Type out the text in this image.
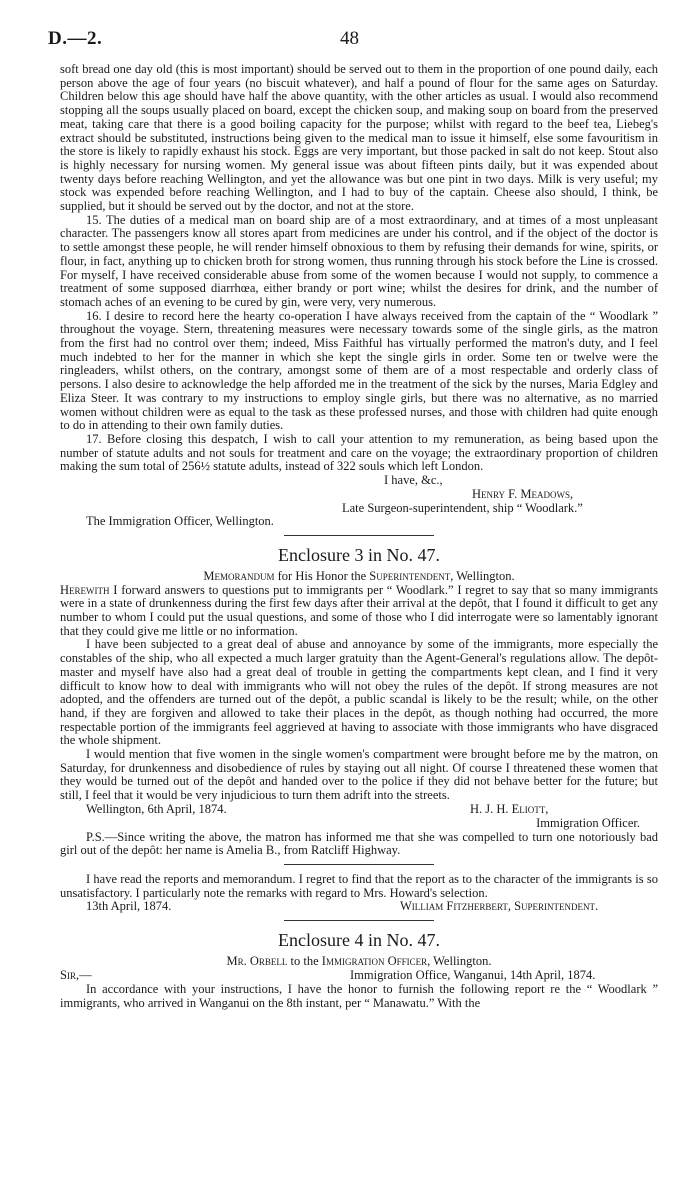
D.—2.	48

soft bread one day old (this is most important) should be served out to them in the proportion of one pound daily, each person above the age of four years (no biscuit whatever), and half a pound of flour for the same ages on Saturday. Children below this age should have half the above quantity, with the other articles as usual. I would also recommend stopping all the soups usually placed on board, except the chicken soup, and making soup on board from the preserved meat, taking care that there is a good boiling capacity for the purpose; whilst with regard to the beef tea, Liebeg's extract should be substituted, instructions being given to the medical man to issue it himself, else some favouritism in the store is likely to rapidly exhaust his stock. Eggs are very important, but those packed in salt do not keep. Stout also is highly necessary for nursing women. My general issue was about fifteen pints daily, but it was expended about twenty days before reaching Wellington, and yet the allowance was but one pint in two days. Milk is very useful; my stock was expended before reaching Wellington, and I had to buy of the captain. Cheese also should, I think, be supplied, but it should be served out by the doctor, and not at the store.

15. The duties of a medical man on board ship are of a most extraordinary, and at times of a most unpleasant character. The passengers know all stores apart from medicines are under his control, and if the object of the doctor is to settle amongst these people, he will render himself obnoxious to them by refusing their demands for wine, spirits, or flour, in fact, anything up to chicken broth for strong women, thus running through his stock before the Line is crossed. For myself, I have received considerable abuse from some of the women because I would not supply, to commence a treatment of some supposed diarrhœa, either brandy or port wine; whilst the desires for drink, and the number of stomach aches of an evening to be cured by gin, were very, very numerous.

16. I desire to record here the hearty co-operation I have always received from the captain of the “ Woodlark ” throughout the voyage. Stern, threatening measures were necessary towards some of the single girls, as the matron from the first had no control over them; indeed, Miss Faithful has virtually performed the matron's duty, and I feel much indebted to her for the manner in which she kept the single girls in order. Some ten or twelve were the ringleaders, whilst others, on the contrary, amongst some of them are of a most respectable and orderly class of persons. I also desire to acknowledge the help afforded me in the treatment of the sick by the nurses, Maria Edgley and Eliza Steer. It was contrary to my instructions to employ single girls, but there was no alternative, as no married women without children were as equal to the task as these professed nurses, and those with children had quite enough to do in attending to their own family duties.

17. Before closing this despatch, I wish to call your attention to my remuneration, as being based upon the number of statute adults and not souls for treatment and care on the voyage; the extraordinary proportion of children making the sum total of 256½ statute adults, instead of 322 souls which left London.

I have, &c.,

Henry F. Meadows,

Late Surgeon-superintendent, ship “ Woodlark.”

The Immigration Officer, Wellington.

Enclosure 3 in No. 47.

Memorandum for His Honor the Superintendent, Wellington.

Herewith I forward answers to questions put to immigrants per “ Woodlark.” I regret to say that so many immigrants were in a state of drunkenness during the first few days after their arrival at the depôt, that I found it difficult to get any number to whom I could put the usual questions, and some of those who I did interrogate were so lamentably ignorant that they could give me little or no information.

I have been subjected to a great deal of abuse and annoyance by some of the immigrants, more especially the constables of the ship, who all expected a much larger gratuity than the Agent-General's regulations allow. The depôt-master and myself have also had a great deal of trouble in getting the compartments kept clean, and I find it very difficult to know how to deal with immigrants who will not obey the rules of the depôt. If strong measures are not adopted, and the offenders are turned out of the depôt, a public scandal is likely to be the result; while, on the other hand, if they are forgiven and allowed to take their places in the depôt, as though nothing had occurred, the more respectable portion of the immigrants feel aggrieved at having to associate with those immigrants who have disgraced the whole shipment.

I would mention that five women in the single women's compartment were brought before me by the matron, on Saturday, for drunkenness and disobedience of rules by staying out all night. Of course I threatened these women that they would be turned out of the depôt and handed over to the police if they did not behave better for the future; but still, I feel that it would be very injudicious to turn them adrift into the streets.

Wellington, 6th April, 1874.	H. J. H. Eliott,

Immigration Officer.

P.S.—Since writing the above, the matron has informed me that she was compelled to turn one notoriously bad girl out of the depôt: her name is Amelia B., from Ratcliff Highway.

I have read the reports and memorandum. I regret to find that the report as to the character of the immigrants is so unsatisfactory. I particularly note the remarks with regard to Mrs. Howard's selection.

13th April, 1874.	William Fitzherbert, Superintendent.
Enclosure 4 in No. 47.

Mr. Orbell to the Immigration Officer, Wellington.

Sir,—	Immigration Office, Wanganui, 14th April, 1874.

In accordance with your instructions, I have the honor to furnish the following report re the “ Woodlark ” immigrants, who arrived in Wanganui on the 8th instant, per “ Manawatu.” With the
